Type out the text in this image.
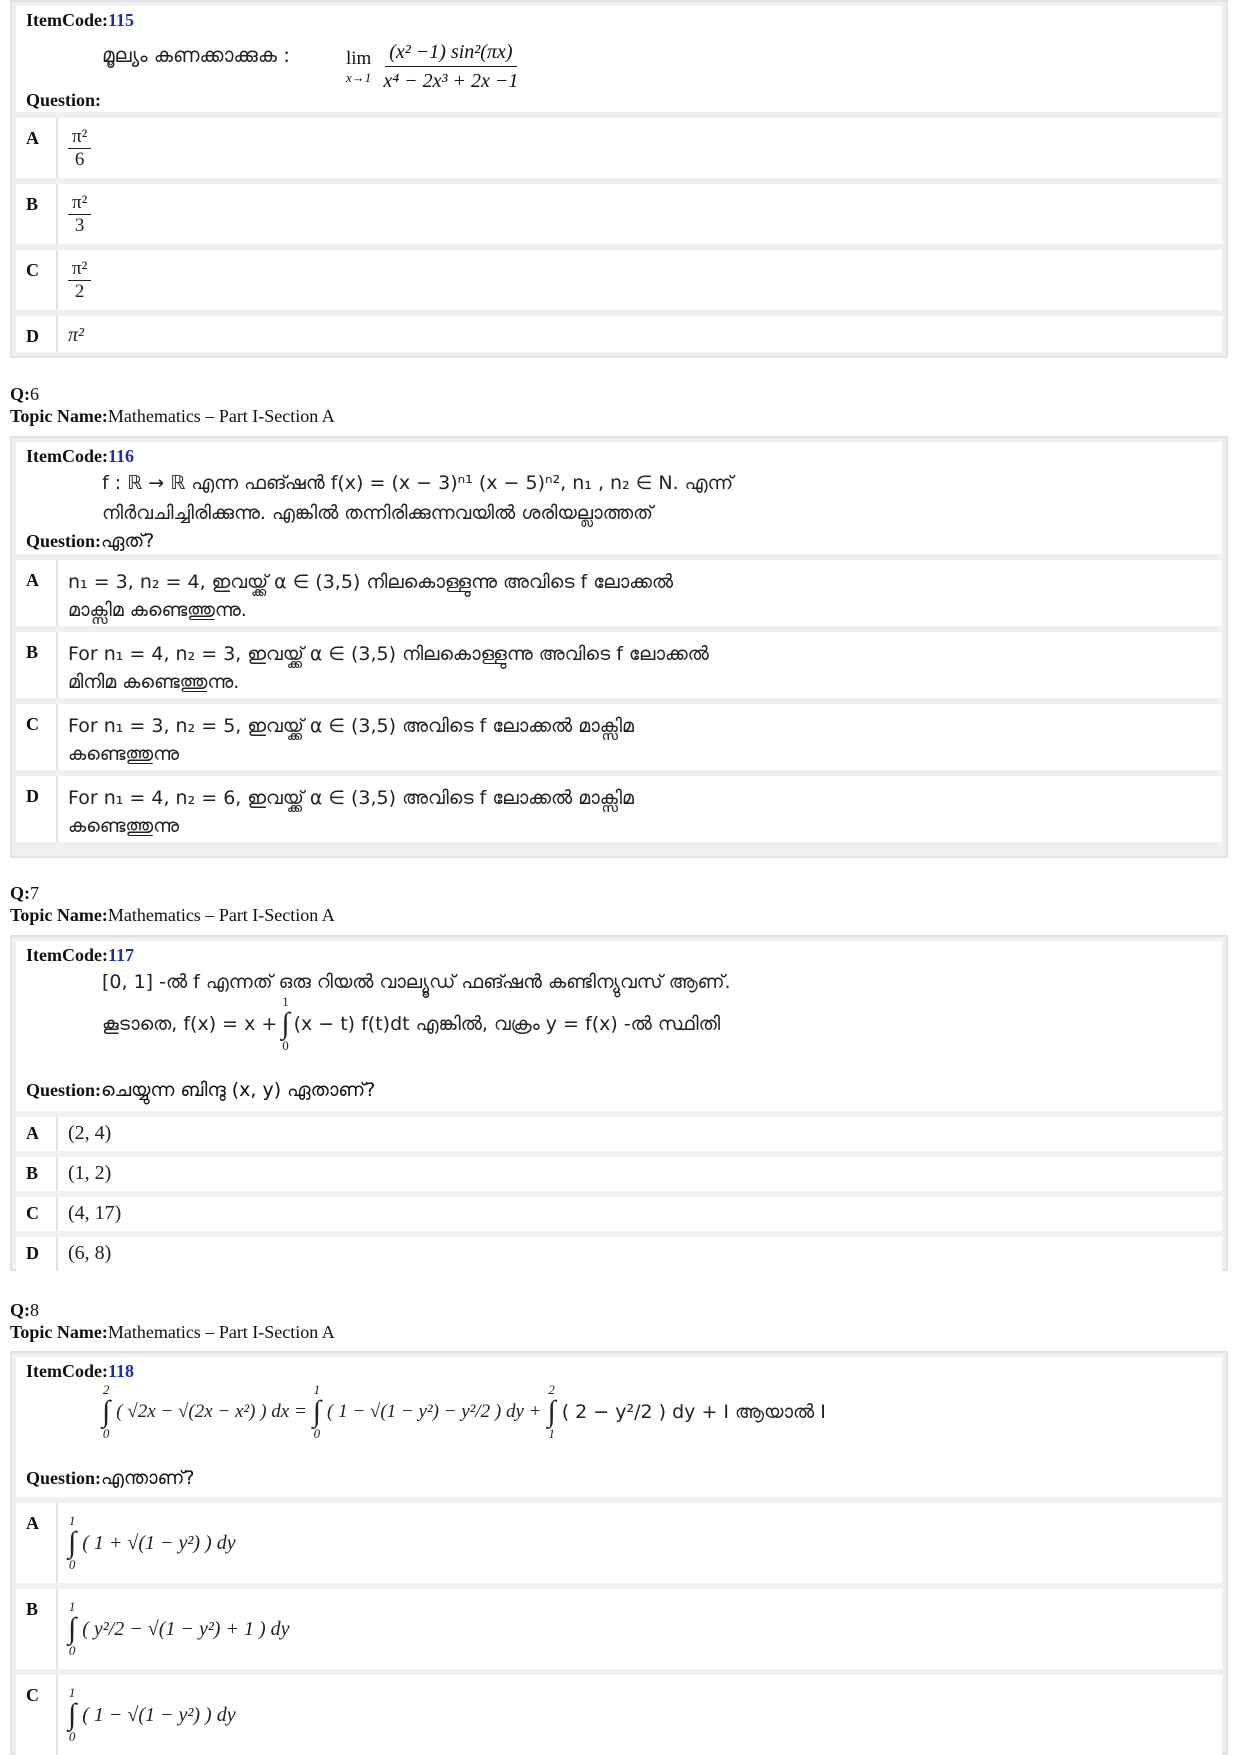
ItemCode:115
മൂല്യം കണക്കാക്കുക :	lim
$x\to 1 \frac{\text{(x² −1) sin²(πx)}}{\text{x⁴ − 2x³ + 2x −1}}$
Question:
A	$\frac{\text{π²}}{6}$
B	$\frac{\text{π²}}{3}$
C	$\frac{\text{π²}}{2}$
D	π²
Q:6
Topic Name:Mathematics – Part I-Section A
ItemCode:116
f : ℝ → ℝ എന്ന ഫങ്ഷൻ f(x) = (x − 3)ⁿ¹ (x − 5)ⁿ², n₁ , n₂ ∈ N. എന്ന്
നിർവചിച്ചിരിക്കുന്നു. എങ്കിൽ തന്നിരിക്കുന്നവയിൽ ശരിയല്ലാത്തത്
Question:ഏത്?
A	n₁ = 3, n₂ = 4, ഇവയ്ക്ക് α ∈ (3,5) നിലകൊള്ളുന്നു അവിടെ f ലോക്കൽ
മാക്സിമ കണ്ടെത്തുന്നു.
B	For n₁ = 4, n₂ = 3, ഇവയ്ക്ക് α ∈ (3,5) നിലകൊള്ളുന്നു അവിടെ f ലോക്കൽ
മിനിമ കണ്ടെത്തുന്നു.
C	For n₁ = 3, n₂ = 5, ഇവയ്ക്ക് α ∈ (3,5) അവിടെ f ലോക്കൽ മാക്സിമ
കണ്ടെത്തുന്നു
D	For n₁ = 4, n₂ = 6, ഇവയ്ക്ക് α ∈ (3,5) അവിടെ f ലോക്കൽ മാക്സിമ
കണ്ടെത്തുന്നു
Q:7
Topic Name:Mathematics – Part I-Section A
ItemCode:117
[0, 1] -ൽ f എന്നത് ഒരു റിയൽ വാല്യൂഡ് ഫങ്ഷൻ കണ്ടിന്യുവസ് ആണ്.
കൂടാതെ, f(x) = x +
1
∫
0
(x − t) f(t)dt എങ്കിൽ, വക്രം y = f(x) -ൽ സ്ഥിതി
Question:ചെയ്യുന്ന ബിന്ദു (x, y) ഏതാണ്?
A	(2, 4)
B	(1, 2)
C	(4, 17)
D	(6, 8)
Q:8
Topic Name:Mathematics – Part I-Section A
ItemCode:118
2
∫
0
( √2x − √(2x − x²) ) dx =
1
∫
0
( 1 − √(1 − y²) − y²/2 ) dy +
2
∫
1
( 2 − y²/2 ) dy + I ആയാൽ I
Question:എന്താണ്?
A	1
∫
0
( 1 + √(1 − y²) ) dy
B	1
∫
0
( y²/2 − √(1 − y²) + 1 ) dy
C	1
∫
0
( 1 − √(1 − y²) ) dy
